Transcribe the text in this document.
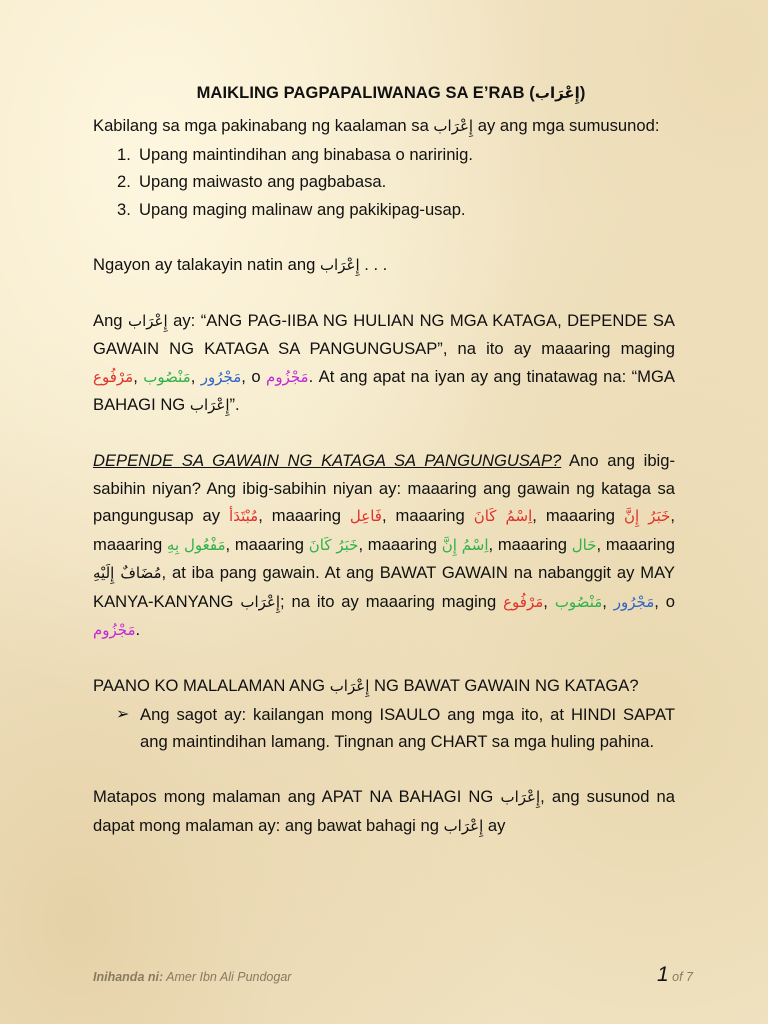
MAIKLING PAGPAPALIWANAG SA E’RAB (إِعْرَاب)

Kabilang sa mga pakinabang ng kaalaman sa إِعْرَاب ay ang mga sumusunod:

1. Upang maintindihan ang binabasa o naririnig.
2. Upang maiwasto ang pagbabasa.
3. Upang maging malinaw ang pakikipag-usap.

Ngayon ay talakayin natin ang إِعْرَاب . . .

Ang إِعْرَاب ay: “ANG PAG-IIBA NG HULIAN NG MGA KATAGA, DEPENDE SA GAWAIN NG KATAGA SA PANGUNGUSAP”, na ito ay maaaring maging مَرْفُوع, مَنْصُوب, مَجْرُور, o مَجْزُوم. At ang apat na iyan ay ang tinatawag na: “MGA BAHAGI NG إِعْرَاب”.

DEPENDE SA GAWAIN NG KATAGA SA PANGUNGUSAP? Ano ang ibig-sabihin niyan? Ang ibig-sabihin niyan ay: maaaring ang gawain ng kataga sa pangungusap ay مُبْتَدَأ, maaaring فَاعِل, maaaring اِسْمُ كَانَ, maaaring خَبَرُ إِنَّ, maaaring مَفْعُول بِهِ, maaaring خَبَرُ كَانَ, maaaring اِسْمُ إِنَّ, maaaring حَال, maaaring مُضَافٌ إِلَيْهِ, at iba pang gawain. At ang BAWAT GAWAIN na nabanggit ay MAY KANYA-KANYANG إِعْرَاب; na ito ay maaaring maging مَرْفُوع, مَنْصُوب, مَجْرُور, o مَجْزُوم.

PAANO KO MALALAMAN ANG إِعْرَاب NG BAWAT GAWAIN NG KATAGA?

➢ Ang sagot ay: kailangan mong ISAULO ang mga ito, at HINDI SAPAT ang maintindihan lamang. Tingnan ang CHART sa mga huling pahina.

Matapos mong malaman ang APAT NA BAHAGI NG إِعْرَاب, ang susunod na dapat mong malaman ay: ang bawat bahagi ng إِعْرَاب ay

Inihanda ni: Amer Ibn Ali Pundogar	1 of 7
